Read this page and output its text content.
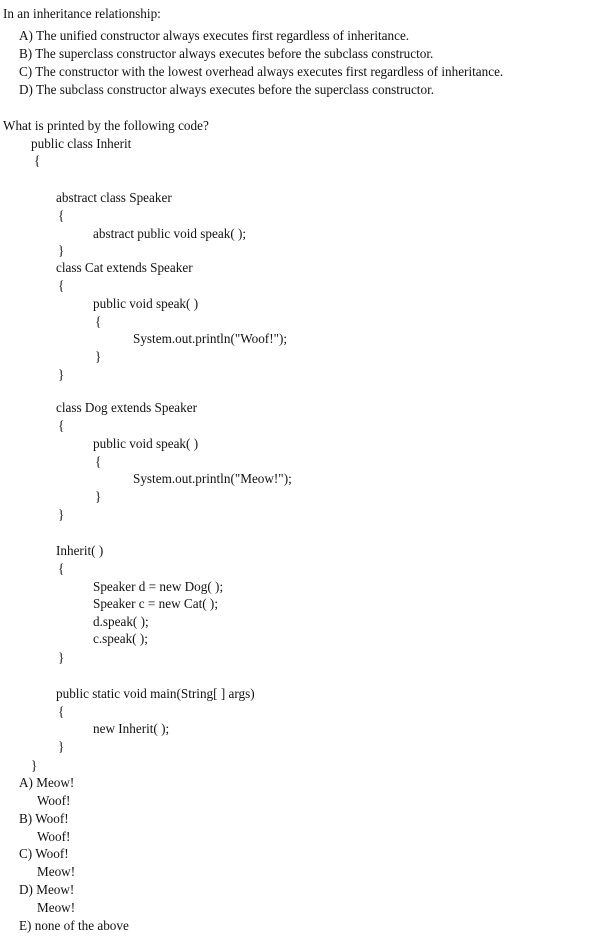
In an inheritance relationship:
A) The unified constructor always executes first regardless of inheritance.
B) The superclass constructor always executes before the subclass constructor.
C) The constructor with the lowest overhead always executes first regardless of inheritance.
D) The subclass constructor always executes before the superclass constructor.
What is printed by the following code?
public class Inherit
{
abstract class Speaker
{
abstract public void speak( );
}
class Cat extends Speaker
{
public void speak( )
{
System.out.println("Woof!");
}
}
class Dog extends Speaker
{
public void speak( )
{
System.out.println("Meow!");
}
}
Inherit( )
{
Speaker d = new Dog( );
Speaker c = new Cat( );
d.speak( );
c.speak( );
}
public static void main(String[ ] args)
{
new Inherit( );
}
}
A) Meow!
Woof!
B) Woof!
Woof!
C) Woof!
Meow!
D) Meow!
Meow!
E) none of the above
